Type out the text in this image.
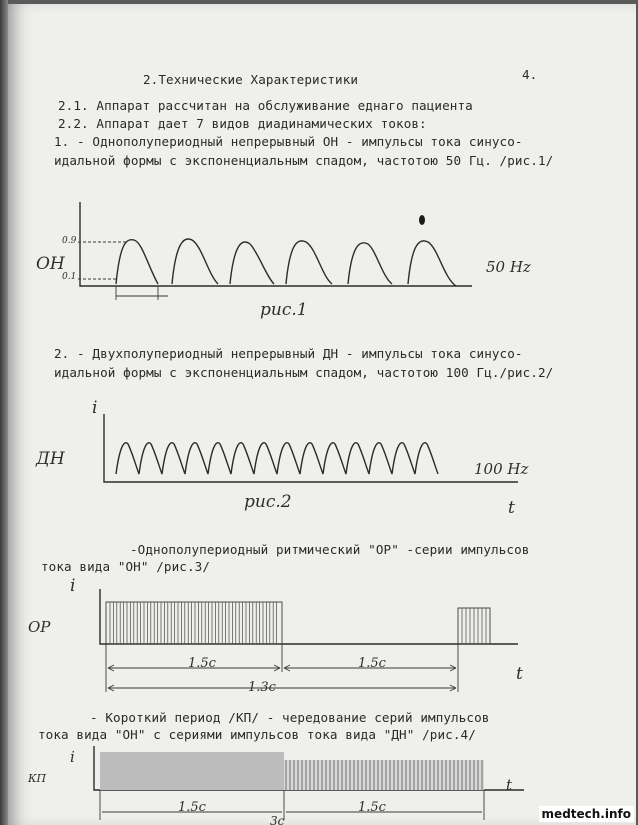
2.Технические Характеристики	4.
2.1. Аппарат рассчитан на обслуживание еднаго пациента
2.2. Аппарат дает 7 видов диадинамических токов:
1. - Однополупериодный непрерывный ОН - импульсы тока синусо-
идальной формы с экспоненциальным спадом, частотою 50 Гц. /рис.1/
ОН
0.9
0.1
50 Hz
рис.1
2. - Двухполупериодный непрерывный ДН - импульсы тока синусо-
идальной формы с экспоненциальным спадом, частотою 100 Гц./рис.2/
i
ДН	100 Hz
t
рис.2
-Однополупериодный ритмический "ОР" -серии импульсов
тока вида "ОН" /рис.3/
i
ОР
t
1.5с	1.5с
1.3с
- Короткий период /КП/ - чередование серий импульсов
тока вида "ОН" с сериями импульсов тока вида "ДН" /рис.4/
i
КП	t
1.5с	1.5с
3с	medtech.info
